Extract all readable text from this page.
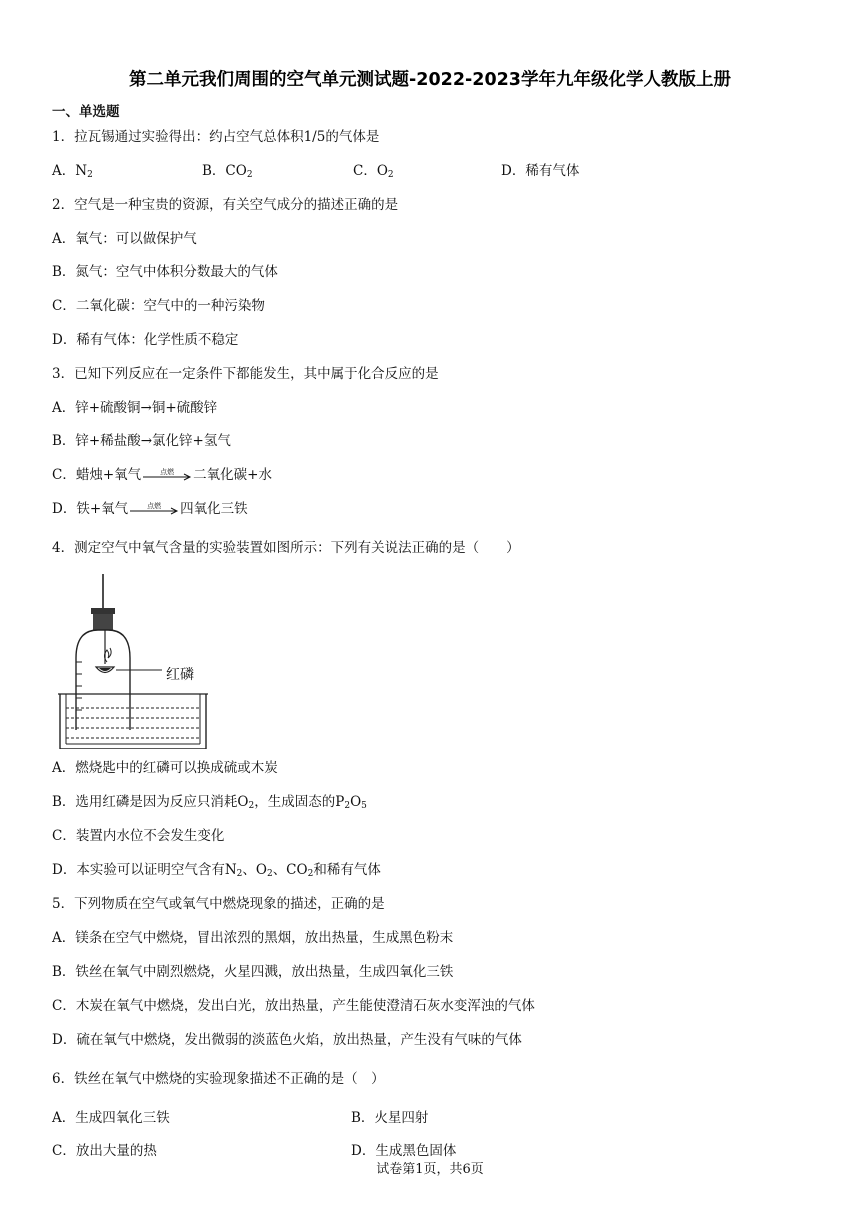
第二单元我们周围的空气单元测试题-2022-2023学年九年级化学人教版上册
一、单选题
1．拉瓦锡通过实验得出：约占空气总体积1/5的气体是
A．$N_2$	B．$CO_2$	C．$O_2$	D．稀有气体
2．空气是一种宝贵的资源，有关空气成分的描述正确的是
A．氧气：可以做保护气
B．氮气：空气中体积分数最大的气体
C．二氧化碳：空气中的一种污染物
D．稀有气体：化学性质不稳定
3．已知下列反应在一定条件下都能发生，其中属于化合反应的是
A．锌+硫酸铜→铜+硫酸锌
B．锌+稀盐酸→氯化锌+氢气
C．蜡烛+氧气	点燃	二氧化碳+水
D．铁+氧气	点燃	四氧化三铁
4．测定空气中氧气含量的实验装置如图所示：下列有关说法正确的是（　　）
红磷
A．燃烧匙中的红磷可以换成硫或木炭
B．选用红磷是因为反应只消耗$O_2$，生成固态的$P_2O_5$
C．装置内水位不会发生变化
D．本实验可以证明空气含有$N_2$、$O_2$、$CO_2$和稀有气体
5．下列物质在空气或氧气中燃烧现象的描述，正确的是
A．镁条在空气中燃烧，冒出浓烈的黑烟，放出热量，生成黑色粉末
B．铁丝在氧气中剧烈燃烧，火星四溅，放出热量，生成四氧化三铁
C．木炭在氧气中燃烧，发出白光，放出热量，产生能使澄清石灰水变浑浊的气体
D．硫在氧气中燃烧，发出微弱的淡蓝色火焰，放出热量，产生没有气味的气体
6．铁丝在氧气中燃烧的实验现象描述不正确的是（　）
A．生成四氧化三铁	B．火星四射
C．放出大量的热	D．生成黑色固体
试卷第1页，共6页
